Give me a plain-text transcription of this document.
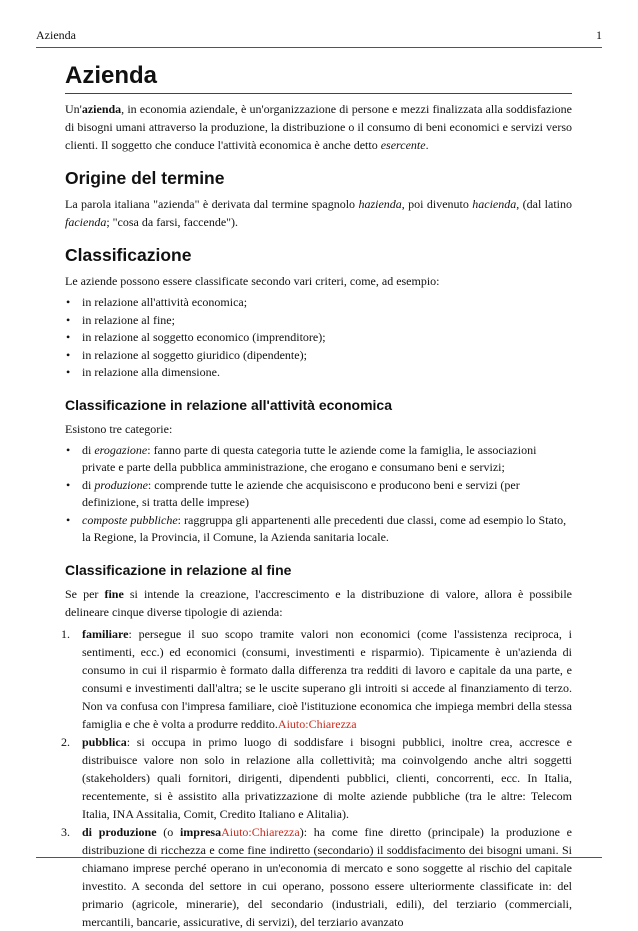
Azienda	1
Azienda

Un'azienda, in economia aziendale, è un'organizzazione di persone e mezzi finalizzata alla soddisfazione di bisogni umani attraverso la produzione, la distribuzione o il consumo di beni economici e servizi verso clienti. Il soggetto che conduce l'attività economica è anche detto esercente.

Origine del termine

La parola italiana "azienda" è derivata dal termine spagnolo hazienda, poi divenuto hacienda, (dal latino facienda; "cosa da farsi, faccende").

Classificazione

Le aziende possono essere classificate secondo vari criteri, come, ad esempio:

• in relazione all'attività economica;
• in relazione al fine;
• in relazione al soggetto economico (imprenditore);
• in relazione al soggetto giuridico (dipendente);
• in relazione alla dimensione.
Classificazione in relazione all'attività economica

Esistono tre categorie:

• di erogazione: fanno parte di questa categoria tutte le aziende come la famiglia, le associazioni private e parte della pubblica amministrazione, che erogano e consumano beni e servizi;
• di produzione: comprende tutte le aziende che acquisiscono e producono beni e servizi (per definizione, si tratta delle imprese)
• composte pubbliche: raggruppa gli appartenenti alle precedenti due classi, come ad esempio lo Stato, la Regione, la Provincia, il Comune, la Azienda sanitaria locale.
Classificazione in relazione al fine

Se per fine si intende la creazione, l'accrescimento e la distribuzione di valore, allora è possibile delineare cinque diverse tipologie di azienda:

1. familiare: persegue il suo scopo tramite valori non economici (come l'assistenza reciproca, i sentimenti, ecc.) ed economici (consumi, investimenti e risparmio). Tipicamente è un'azienda di consumo in cui il risparmio è formato dalla differenza tra redditi di lavoro e capitale da una parte, e consumi e investimenti dall'altra; se le uscite superano gli introiti si accede al finanziamento di terzo. Non va confusa con l'impresa familiare, cioè l'istituzione economica che impiega membri della stessa famiglia e che è volta a produrre reddito.Aiuto:Chiarezza
2. pubblica: si occupa in primo luogo di soddisfare i bisogni pubblici, inoltre crea, accresce e distribuisce valore non solo in relazione alla collettività; ma coinvolgendo anche altri soggetti (stakeholders) quali fornitori, dirigenti, dipendenti pubblici, clienti, concorrenti, ecc. In Italia, recentemente, si è assistito alla privatizzazione di molte aziende pubbliche (tra le altre: Telecom Italia, INA Assitalia, Comit, Credito Italiano e Alitalia).
3. di produzione (o impresaAiuto:Chiarezza): ha come fine diretto (principale) la produzione e distribuzione di ricchezza e come fine indiretto (secondario) il soddisfacimento dei bisogni umani. Si chiamano imprese perché operano in un'economia di mercato e sono soggette al rischio del capitale investito. A seconda del settore in cui operano, possono essere ulteriormente classificate in: del primario (agricole, minerarie), del secondario (industriali, edili), del terziario (commerciali, mercantili, bancarie, assicurative, di servizi), del terziario avanzato
